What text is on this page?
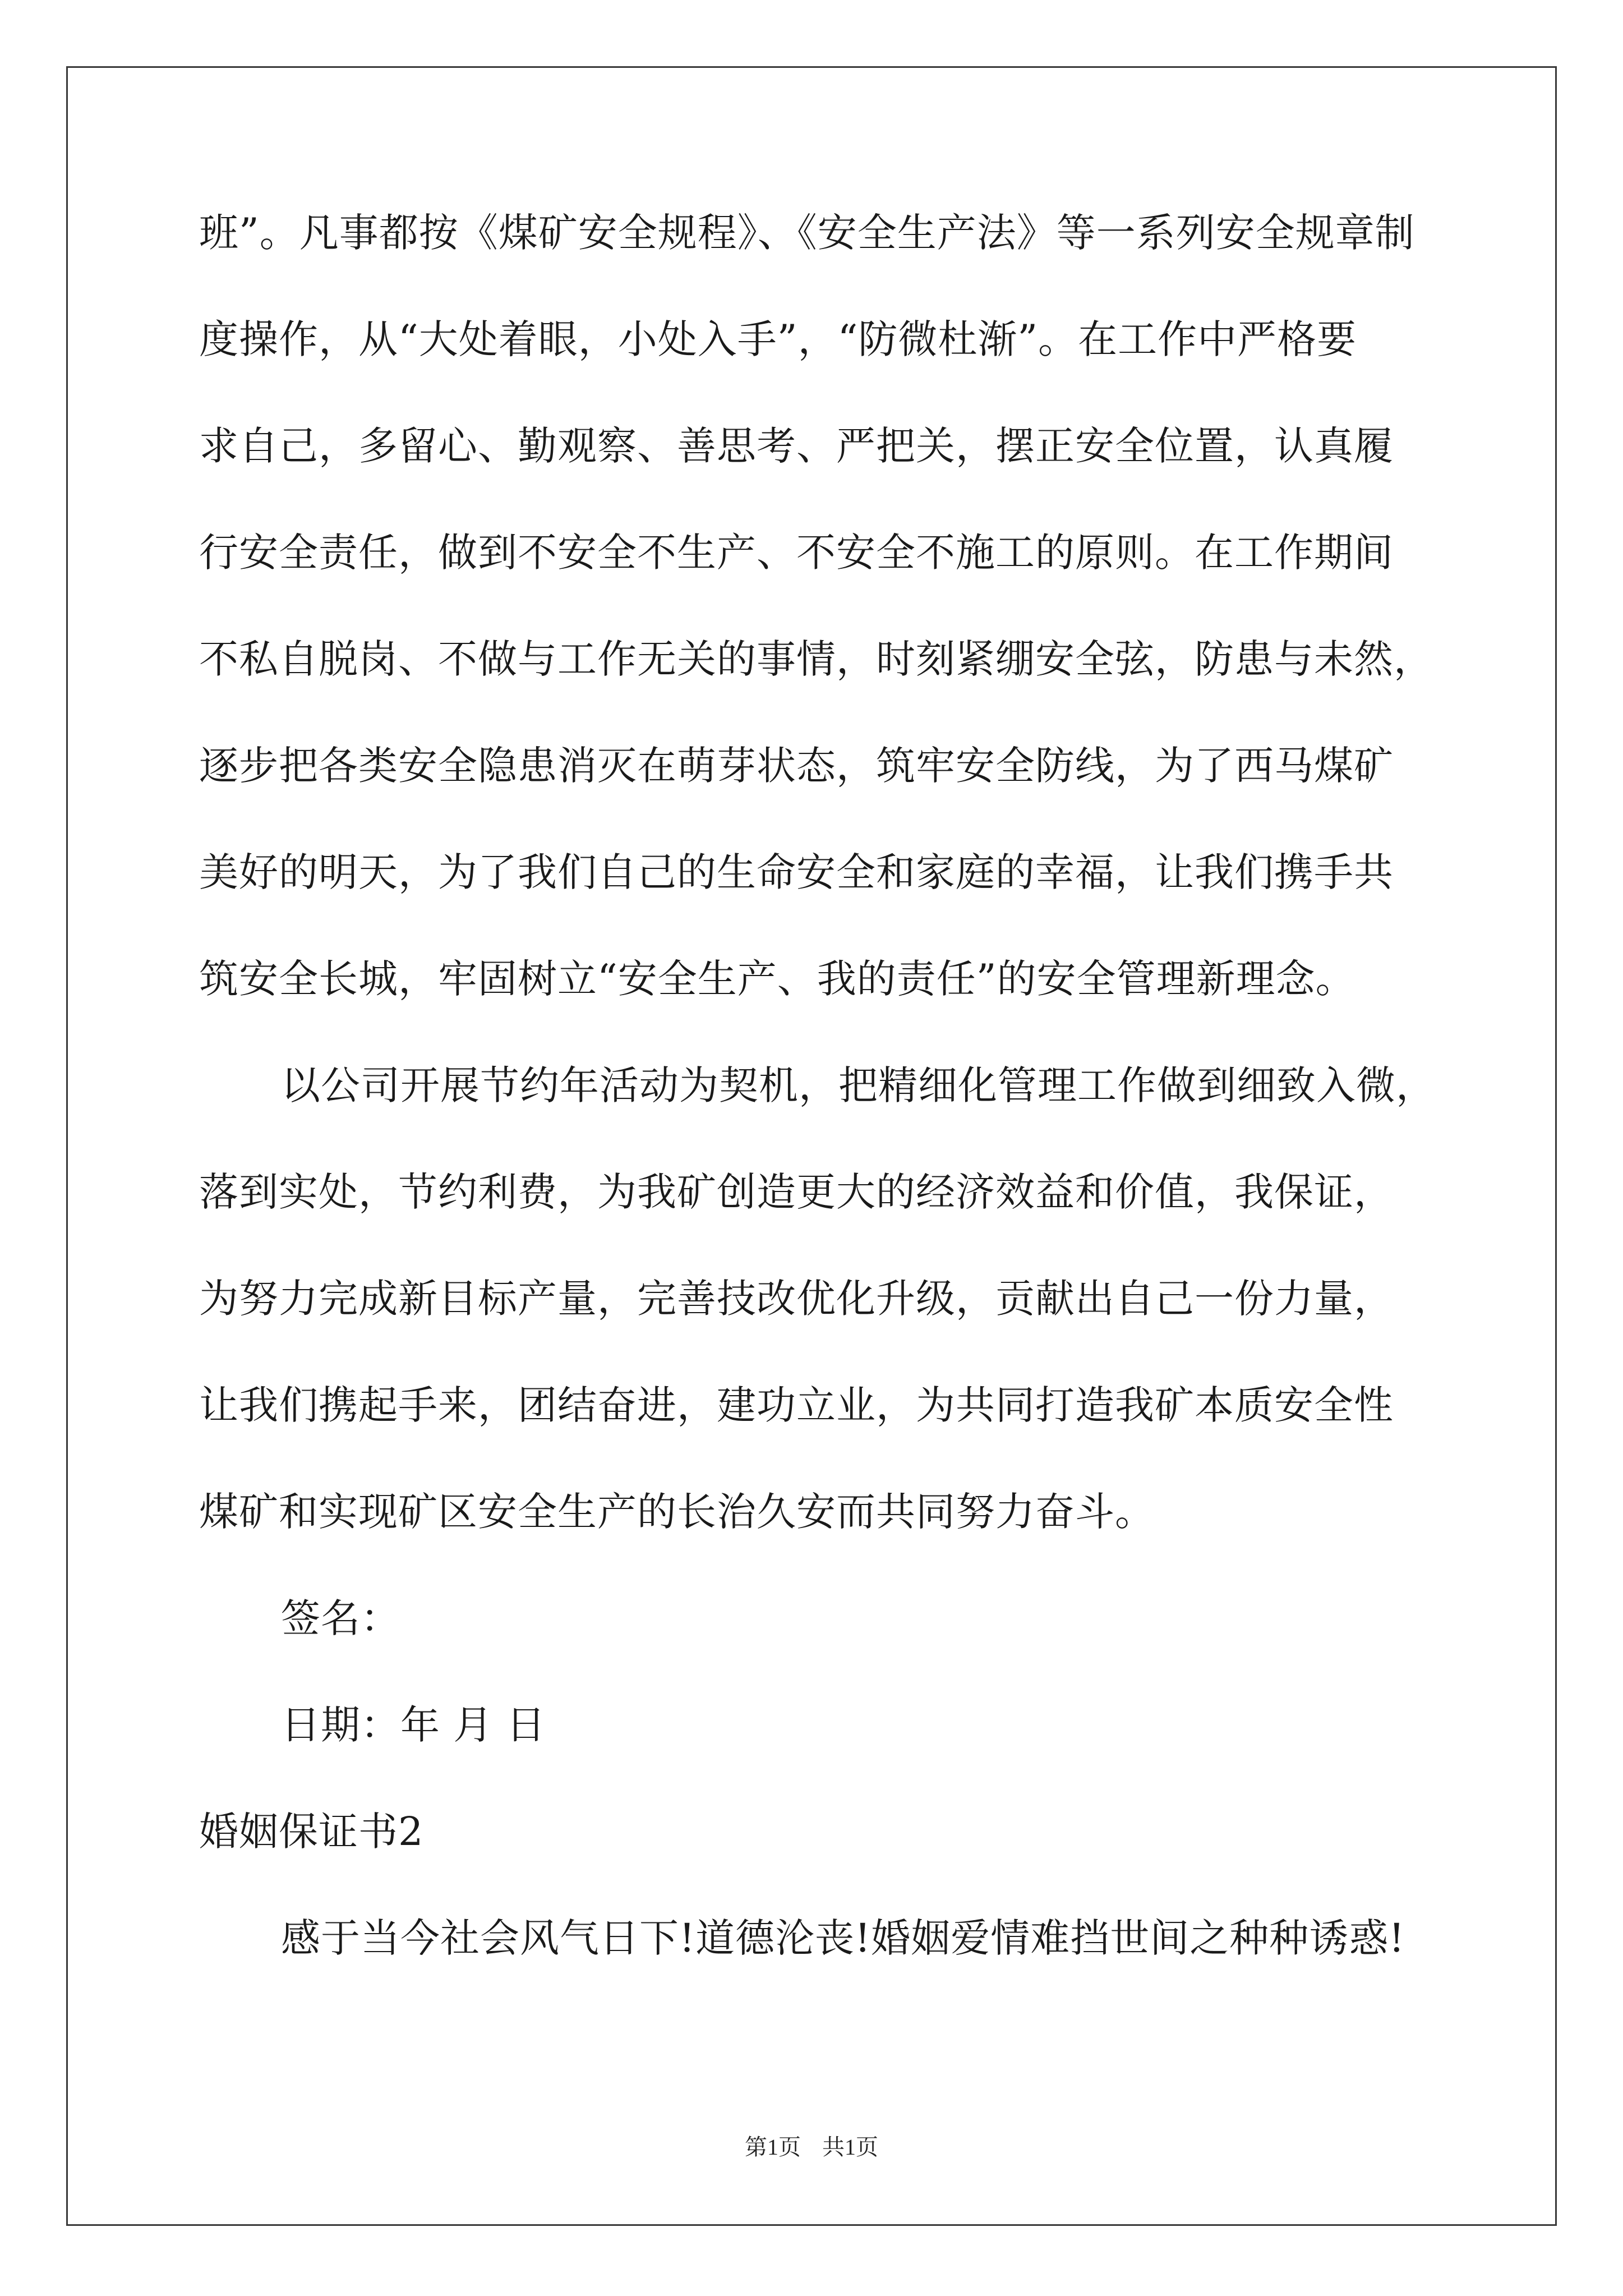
班”。凡事都按《煤矿安全规程》、《安全生产法》等一系列安全规章制
度操作，从“大处着眼，小处入手”，“防微杜渐”。在工作中严格要
求自己，多留心、勤观察、善思考、严把关，摆正安全位置，认真履
行安全责任，做到不安全不生产、不安全不施工的原则。在工作期间
不私自脱岗、不做与工作无关的事情，时刻紧绷安全弦，防患与未然，
逐步把各类安全隐患消灭在萌芽状态，筑牢安全防线，为了西马煤矿
美好的明天，为了我们自己的生命安全和家庭的幸福，让我们携手共
筑安全长城，牢固树立“安全生产、我的责任”的安全管理新理念。
以公司开展节约年活动为契机，把精细化管理工作做到细致入微，
落到实处，节约利费，为我矿创造更大的经济效益和价值，我保证，
为努力完成新目标产量，完善技改优化升级，贡献出自己一份力量，
让我们携起手来，团结奋进，建功立业，为共同打造我矿本质安全性
煤矿和实现矿区安全生产的长治久安而共同努力奋斗。
签名：
日期：年 月 日
婚姻保证书2
感于当今社会风气日下!道德沦丧!婚姻爱情难挡世间之种种诱惑!
第1页 共1页
